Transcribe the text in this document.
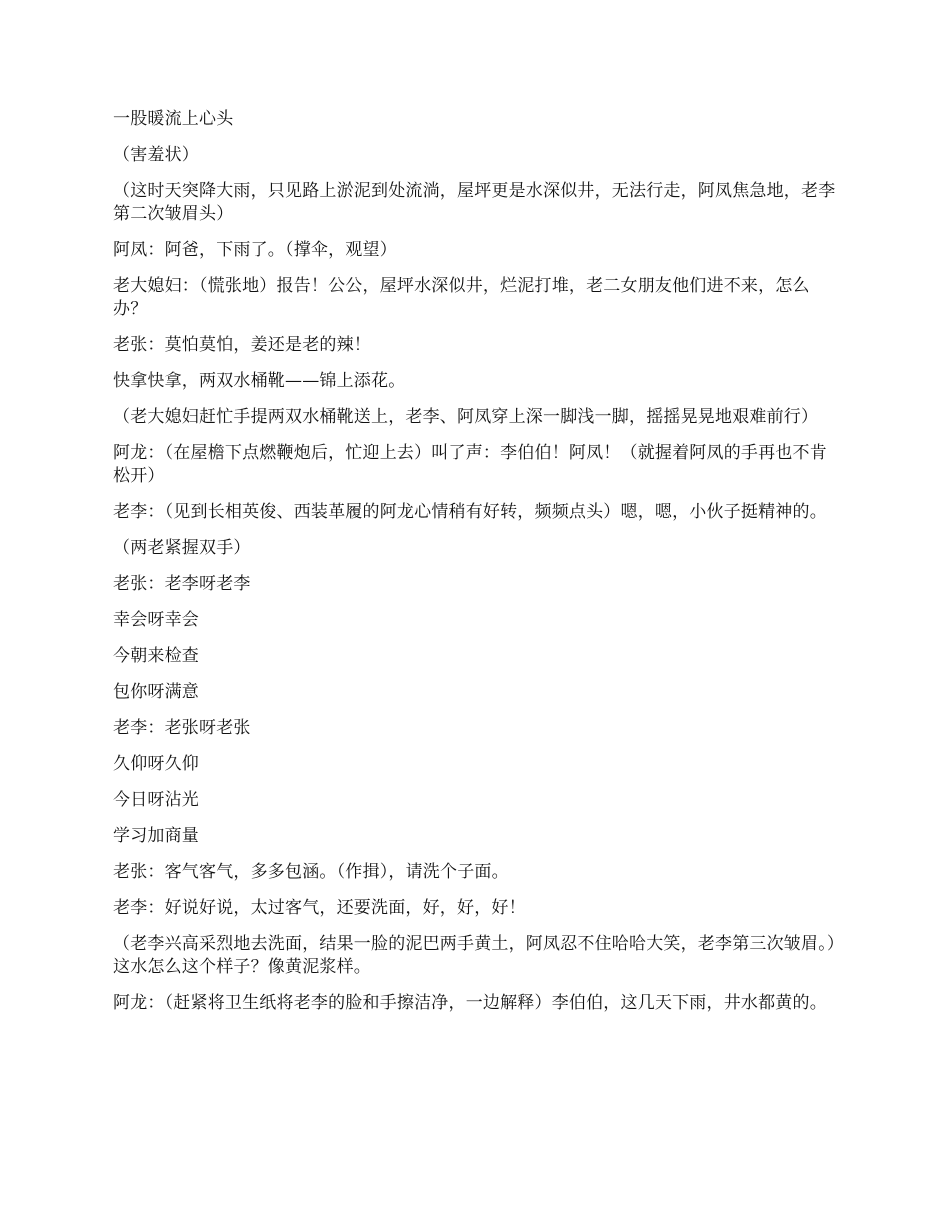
一股暖流上心头

（害羞状）

（这时天突降大雨，只见路上淤泥到处流淌，屋坪更是水深似井，无法行走，阿凤焦急地，老李第二次皱眉头）

阿凤：阿爸，下雨了。（撑伞，观望）

老大媳妇：（慌张地）报告！公公，屋坪水深似井，烂泥打堆，老二女朋友他们进不来，怎么办？

老张：莫怕莫怕，姜还是老的辣！

快拿快拿，两双水桶靴——锦上添花。

（老大媳妇赶忙手提两双水桶靴送上，老李、阿凤穿上深一脚浅一脚，摇摇晃晃地艰难前行）

阿龙：（在屋檐下点燃鞭炮后，忙迎上去）叫了声：李伯伯！阿凤！（就握着阿凤的手再也不肯松开）

老李：（见到长相英俊、西装革履的阿龙心情稍有好转，频频点头）嗯，嗯，小伙子挺精神的。

（两老紧握双手）

老张：老李呀老李

幸会呀幸会

今朝来检查

包你呀满意

老李：老张呀老张

久仰呀久仰

今日呀沾光

学习加商量

老张：客气客气，多多包涵。（作揖），请洗个子面。

老李：好说好说，太过客气，还要洗面，好，好，好！

（老李兴高采烈地去洗面，结果一脸的泥巴两手黄土，阿凤忍不住哈哈大笑，老李第三次皱眉。）这水怎么这个样子？像黄泥浆样。

阿龙：（赶紧将卫生纸将老李的脸和手擦洁净，一边解释）李伯伯，这几天下雨，井水都黄的。
